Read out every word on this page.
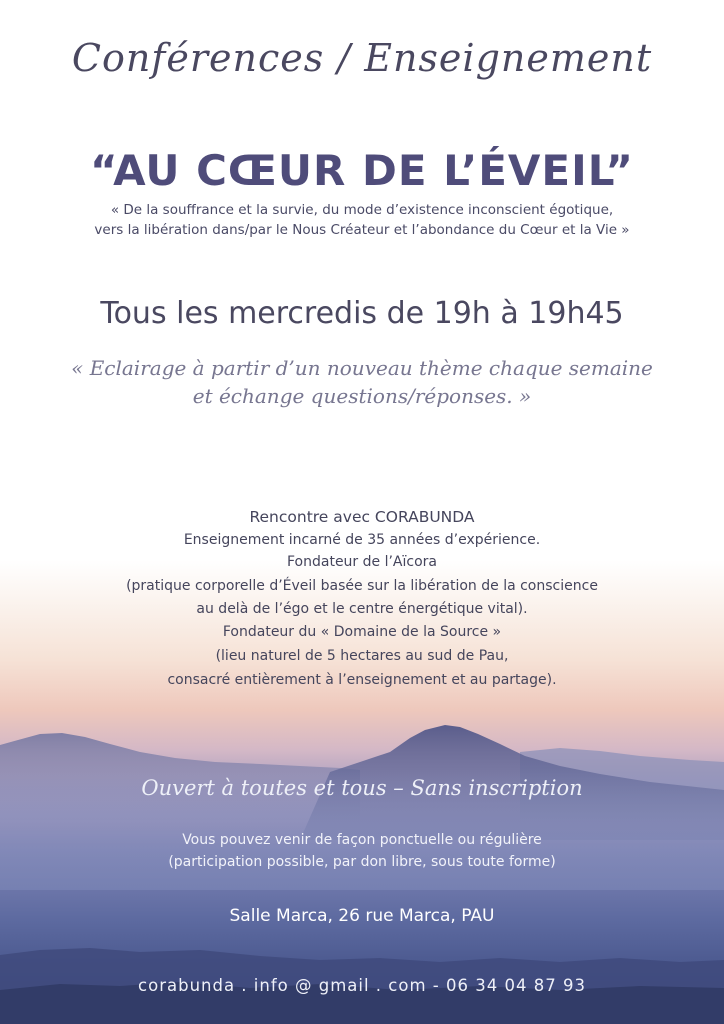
Conférences / Enseignement
“AU CŒUR DE L’ÉVEIL”
« De la souffrance et la survie, du mode d’existence inconscient égotique,
vers la libération dans/par le Nous Créateur et l’abondance du Cœur et la Vie »
Tous les mercredis de 19h à 19h45
« Eclairage à partir d’un nouveau thème chaque semaine
et échange questions/réponses. »
Rencontre avec CORABUNDA
Enseignement incarné de 35 années d’expérience.
Fondateur de l’Aïcora
(pratique corporelle d’Éveil basée sur la libération de la conscience
au delà de l’égo et le centre énergétique vital).
Fondateur du « Domaine de la Source »
(lieu naturel de 5 hectares au sud de Pau,
consacré entièrement à l’enseignement et au partage).
Ouvert à toutes et tous – Sans inscription
Vous pouvez venir de façon ponctuelle ou régulière
(participation possible, par don libre, sous toute forme)
Salle Marca, 26 rue Marca, PAU
corabunda . info @ gmail . com - 06 34 04 87 93
